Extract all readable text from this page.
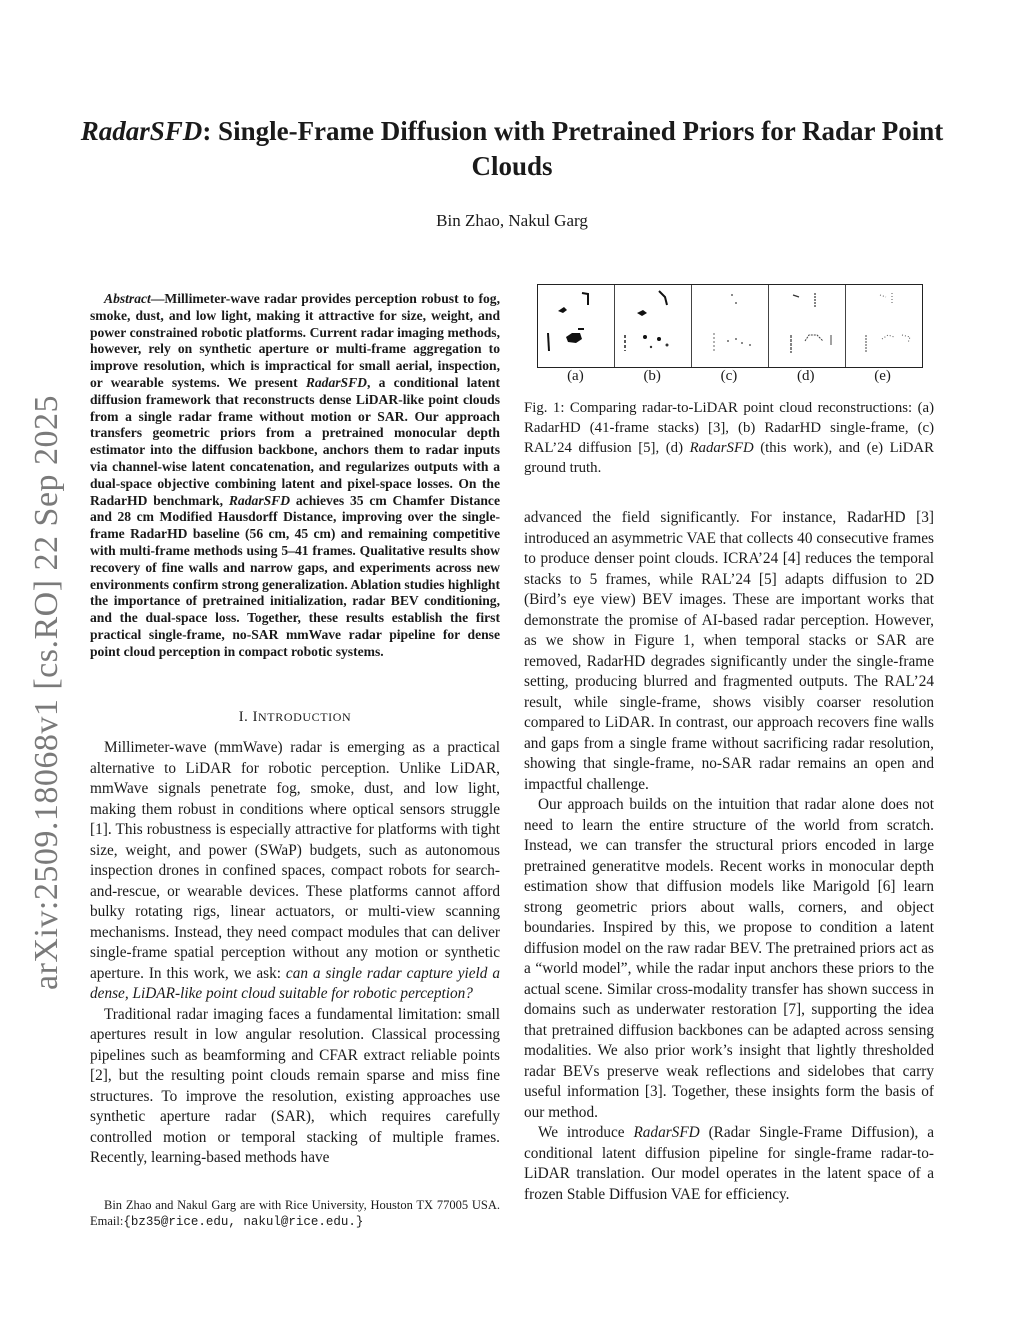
arXiv:2509.18068v1 [cs.RO] 22 Sep 2025
RadarSFD: Single-Frame Diffusion with Pretrained Priors for Radar Point Clouds
Bin Zhao, Nakul Garg
Abstract—Millimeter-wave radar provides perception robust to fog, smoke, dust, and low light, making it attractive for size, weight, and power constrained robotic platforms. Current radar imaging methods, however, rely on synthetic aperture or multi-frame aggregation to improve resolution, which is impractical for small aerial, inspection, or wearable systems. We present RadarSFD, a conditional latent diffusion framework that reconstructs dense LiDAR-like point clouds from a single radar frame without motion or SAR. Our approach transfers geometric priors from a pretrained monocular depth estimator into the diffusion backbone, anchors them to radar inputs via channel-wise latent concatenation, and regularizes outputs with a dual-space objective combining latent and pixel-space losses. On the RadarHD benchmark, RadarSFD achieves 35 cm Chamfer Distance and 28 cm Modified Hausdorff Distance, improving over the single-frame RadarHD baseline (56 cm, 45 cm) and remaining competitive with multi-frame methods using 5–41 frames. Qualitative results show recovery of fine walls and narrow gaps, and experiments across new environments confirm strong generalization. Ablation studies highlight the importance of pretrained initialization, radar BEV conditioning, and the dual-space loss. Together, these results establish the first practical single-frame, no-SAR mmWave radar pipeline for dense point cloud perception in compact robotic systems.
I. INTRODUCTION

Millimeter-wave (mmWave) radar is emerging as a practical alternative to LiDAR for robotic perception. Unlike LiDAR, mmWave signals penetrate fog, smoke, dust, and low light, making them robust in conditions where optical sensors struggle [1]. This robustness is especially attractive for platforms with tight size, weight, and power (SWaP) budgets, such as autonomous inspection drones in confined spaces, compact robots for search-and-rescue, or wearable devices. These platforms cannot afford bulky rotating rigs, linear actuators, or multi-view scanning mechanisms. Instead, they need compact modules that can deliver single-frame spatial perception without any motion or synthetic aperture. In this work, we ask: can a single radar capture yield a dense, LiDAR-like point cloud suitable for robotic perception?

Traditional radar imaging faces a fundamental limitation: small apertures result in low angular resolution. Classical processing pipelines such as beamforming and CFAR extract reliable points [2], but the resulting point clouds remain sparse and miss fine structures. To improve the resolution, existing approaches use synthetic aperture radar (SAR), which requires carefully controlled motion or temporal stacking of multiple frames. Recently, learning-based methods have

Bin Zhao and Nakul Garg are with Rice University, Houston TX 77005 USA. Email:{bz35@rice.edu, nakul@rice.edu.}
(a)	(b)	(c)	(d)	(e)
Fig. 1: Comparing radar-to-LiDAR point cloud reconstructions: (a) RadarHD (41-frame stacks) [3], (b) RadarHD single-frame, (c) RAL’24 diffusion [5], (d) RadarSFD (this work), and (e) LiDAR ground truth.

advanced the field significantly. For instance, RadarHD [3] introduced an asymmetric VAE that collects 40 consecutive frames to produce denser point clouds. ICRA’24 [4] reduces the temporal stacks to 5 frames, while RAL’24 [5] adapts diffusion to 2D (Bird’s eye view) BEV images. These are important works that demonstrate the promise of AI-based radar perception. However, as we show in Figure 1, when temporal stacks or SAR are removed, RadarHD degrades significantly under the single-frame setting, producing blurred and fragmented outputs. The RAL’24 result, while single-frame, shows visibly coarser resolution compared to LiDAR. In contrast, our approach recovers fine walls and gaps from a single frame without sacrificing radar resolution, showing that single-frame, no-SAR radar remains an open and impactful challenge.

Our approach builds on the intuition that radar alone does not need to learn the entire structure of the world from scratch. Instead, we can transfer the structural priors encoded in large pretrained generatitve models. Recent works in monocular depth estimation show that diffusion models like Marigold [6] learn strong geometric priors about walls, corners, and object boundaries. Inspired by this, we propose to condition a latent diffusion model on the raw radar BEV. The pretrained priors act as a “world model”, while the radar input anchors these priors to the actual scene. Similar cross-modality transfer has shown success in domains such as underwater restoration [7], supporting the idea that pretrained diffusion backbones can be adapted across sensing modalities. We also prior work’s insight that lightly thresholded radar BEVs preserve weak reflections and sidelobes that carry useful information [3]. Together, these insights form the basis of our method.

We introduce RadarSFD (Radar Single-Frame Diffusion), a conditional latent diffusion pipeline for single-frame radar-to-LiDAR translation. Our model operates in the latent space of a frozen Stable Diffusion VAE for efficiency.
